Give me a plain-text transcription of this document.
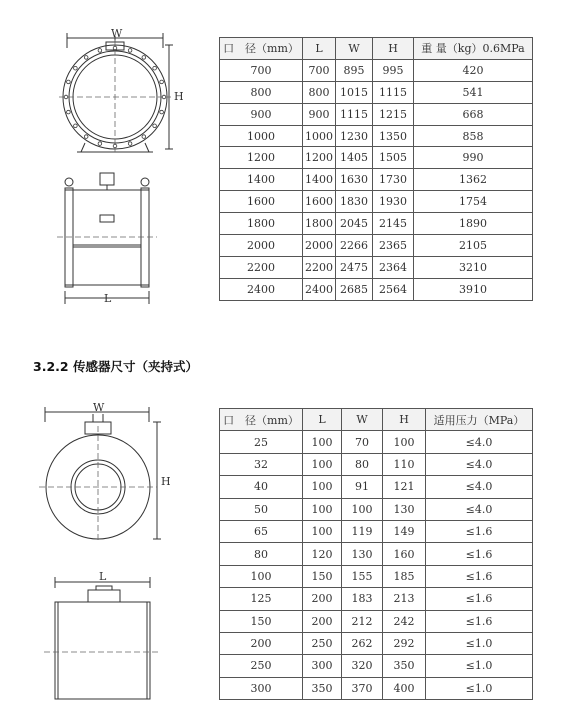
W
H
L
口　径（mm）	L	W	H	重 量（kg）0.6MPa
700	700	895	995	420
800	800	1015	1115	541
900	900	1115	1215	668
1000	1000	1230	1350	858
1200	1200	1405	1505	990
1400	1400	1630	1730	1362
1600	1600	1830	1930	1754
1800	1800	2045	2145	1890
2000	2000	2266	2365	2105
2200	2200	2475	2364	3210
2400	2400	2685	2564	3910
3.2.2 传感器尺寸（夹持式）
W
H
L
口　径（mm）	L	W	H	适用压力（MPa）
25	100	70	100	≤4.0
32	100	80	110	≤4.0
40	100	91	121	≤4.0
50	100	100	130	≤4.0
65	100	119	149	≤1.6
80	120	130	160	≤1.6
100	150	155	185	≤1.6
125	200	183	213	≤1.6
150	200	212	242	≤1.6
200	250	262	292	≤1.0
250	300	320	350	≤1.0
300	350	370	400	≤1.0
